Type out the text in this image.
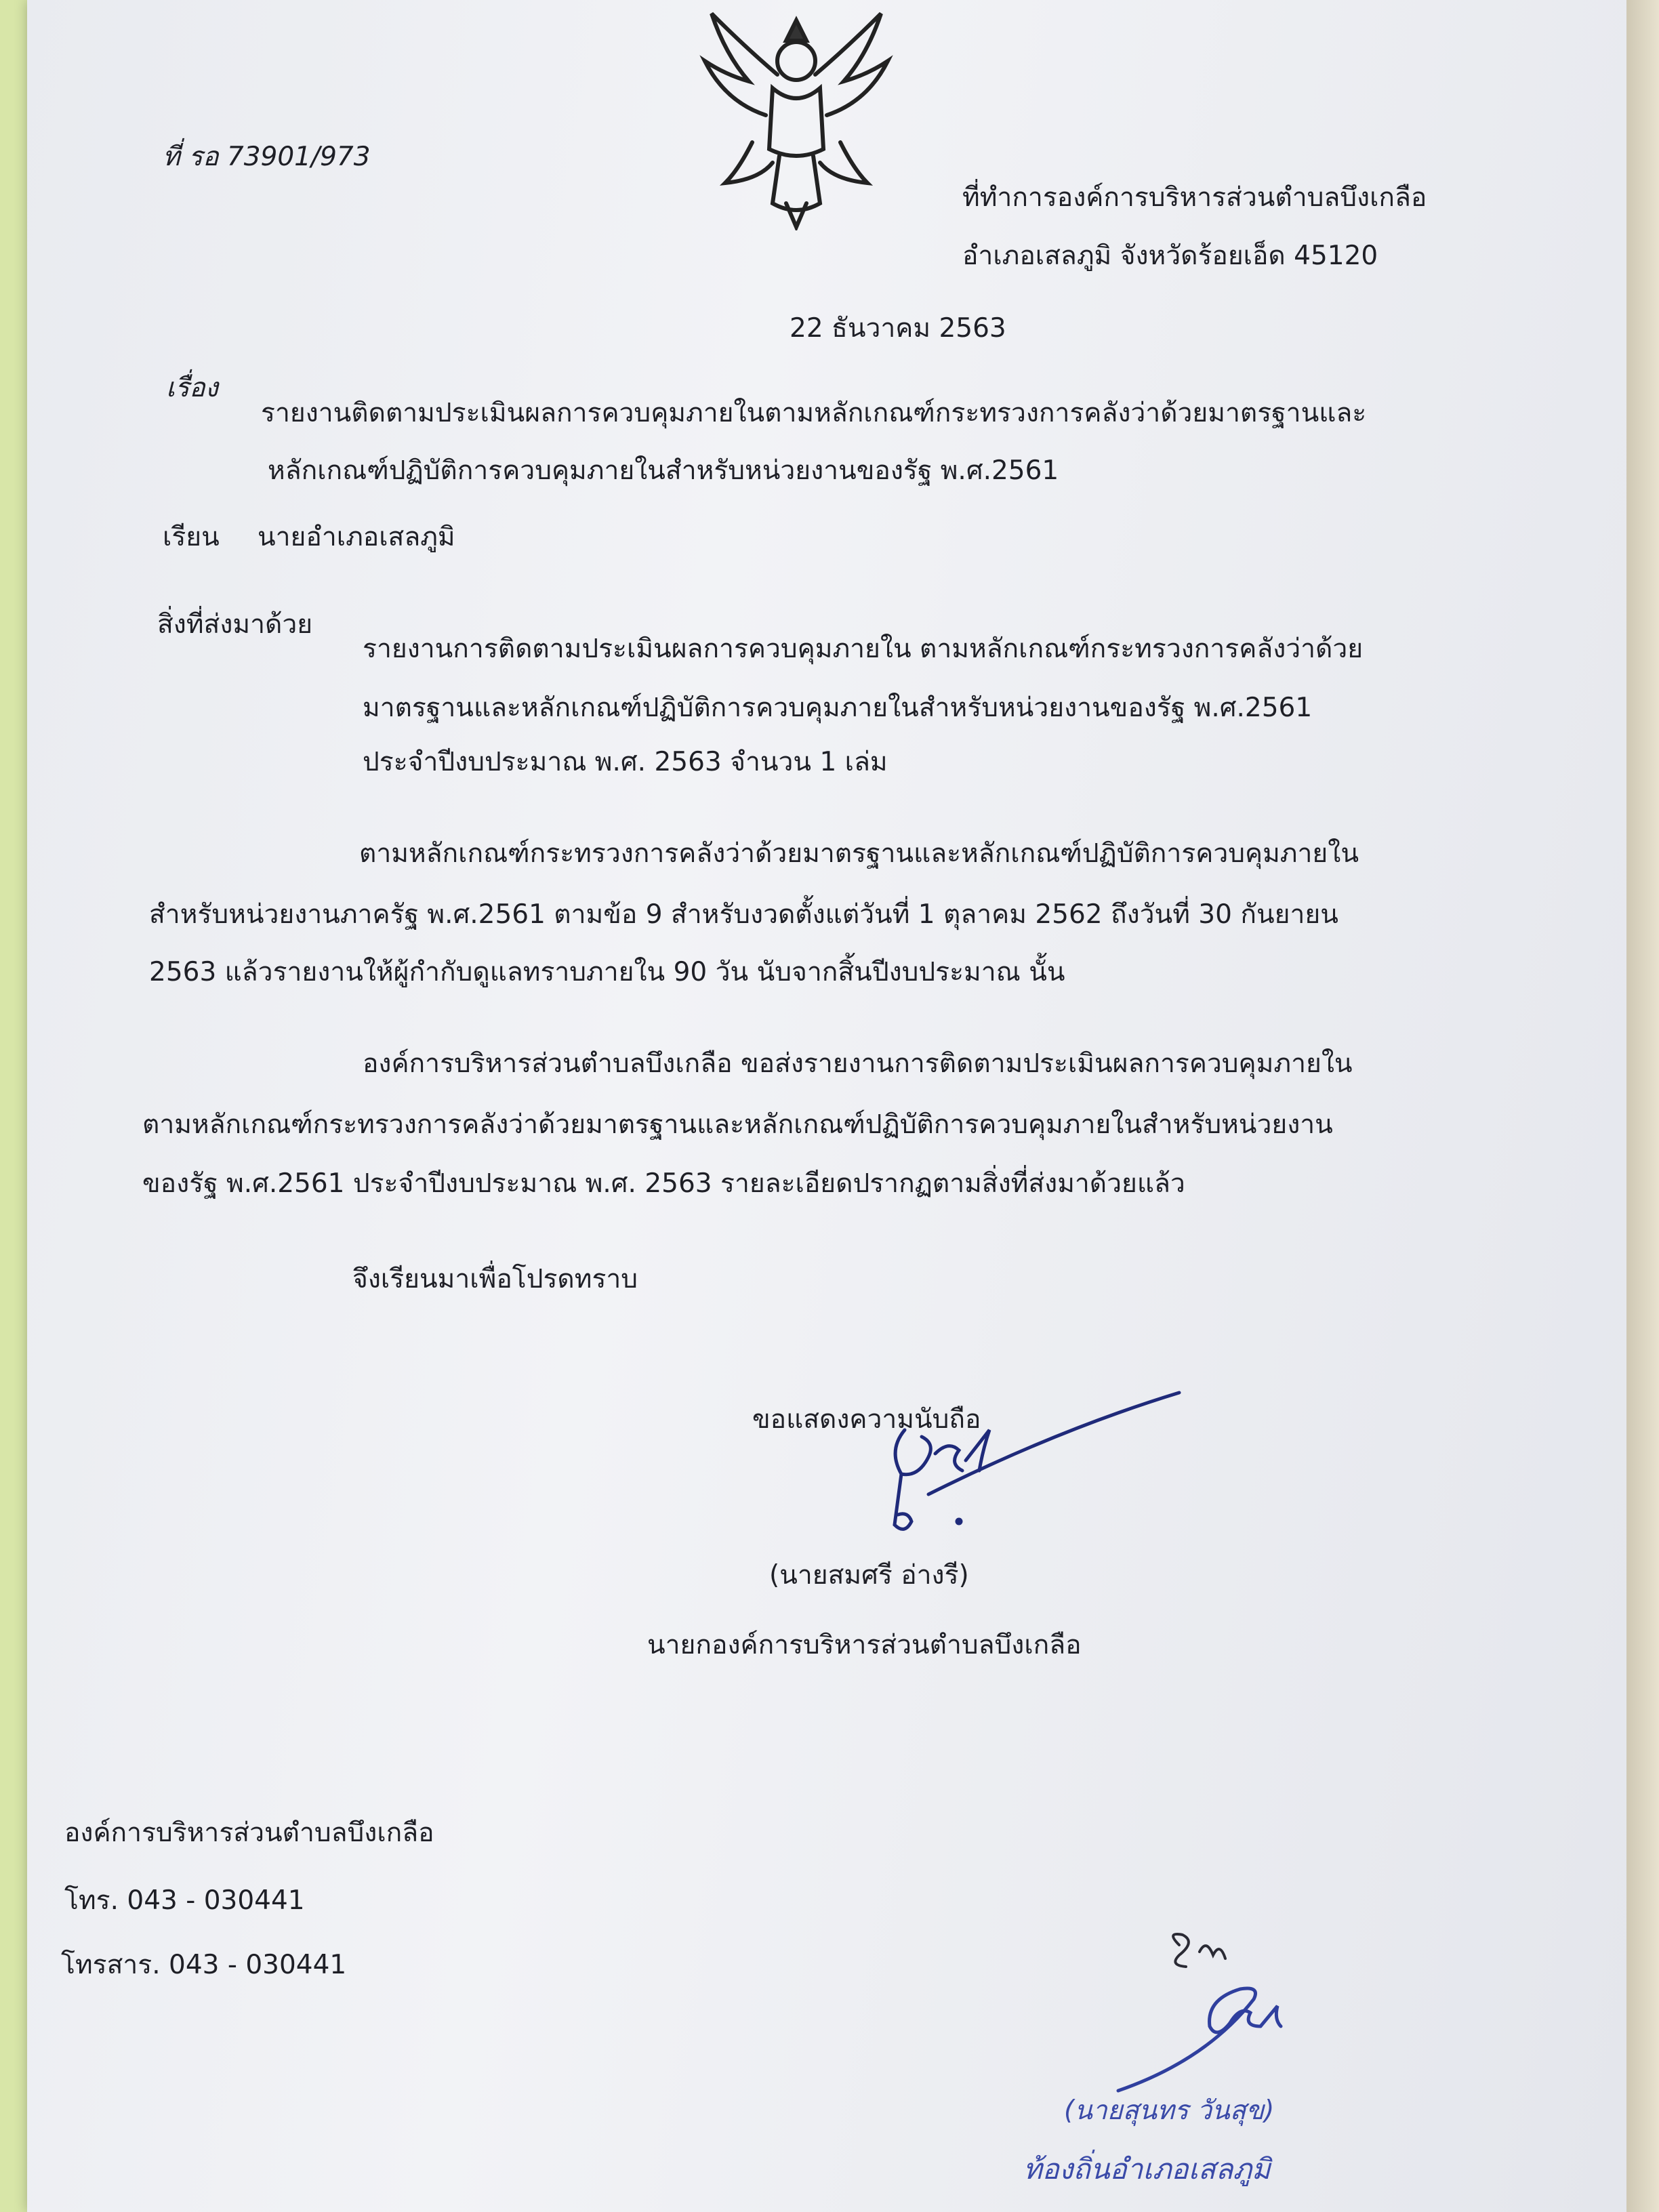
ที่ รอ 73901/973
ที่ทำการองค์การบริหารส่วนตำบลบึงเกลือ
อำเภอเสลภูมิ จังหวัดร้อยเอ็ด 45120
22 ธันวาคม 2563
เรื่อง
รายงานติดตามประเมินผลการควบคุมภายในตามหลักเกณฑ์กระทรวงการคลังว่าด้วยมาตรฐานและ
หลักเกณฑ์ปฏิบัติการควบคุมภายในสำหรับหน่วยงานของรัฐ พ.ศ.2561
เรียน นายอำเภอเสลภูมิ
สิ่งที่ส่งมาด้วย
รายงานการติดตามประเมินผลการควบคุมภายใน ตามหลักเกณฑ์กระทรวงการคลังว่าด้วย
มาตรฐานและหลักเกณฑ์ปฏิบัติการควบคุมภายในสำหรับหน่วยงานของรัฐ พ.ศ.2561
ประจำปีงบประมาณ พ.ศ. 2563 จำนวน 1 เล่ม
ตามหลักเกณฑ์กระทรวงการคลังว่าด้วยมาตรฐานและหลักเกณฑ์ปฏิบัติการควบคุมภายใน
สำหรับหน่วยงานภาครัฐ พ.ศ.2561 ตามข้อ 9 สำหรับงวดตั้งแต่วันที่ 1 ตุลาคม 2562 ถึงวันที่ 30 กันยายน
2563 แล้วรายงานให้ผู้กำกับดูแลทราบภายใน 90 วัน นับจากสิ้นปีงบประมาณ นั้น
องค์การบริหารส่วนตำบลบึงเกลือ ขอส่งรายงานการติดตามประเมินผลการควบคุมภายใน
ตามหลักเกณฑ์กระทรวงการคลังว่าด้วยมาตรฐานและหลักเกณฑ์ปฏิบัติการควบคุมภายในสำหรับหน่วยงาน
ของรัฐ พ.ศ.2561 ประจำปีงบประมาณ พ.ศ. 2563 รายละเอียดปรากฏตามสิ่งที่ส่งมาด้วยแล้ว
จึงเรียนมาเพื่อโปรดทราบ
ขอแสดงความนับถือ
(นายสมศรี อ่างรี)
นายกองค์การบริหารส่วนตำบลบึงเกลือ
องค์การบริหารส่วนตำบลบึงเกลือ
โทร. 043 - 030441
โทรสาร. 043 - 030441
(นายสุนทร วันสุข)
ท้องถิ่นอำเภอเสลภูมิ
